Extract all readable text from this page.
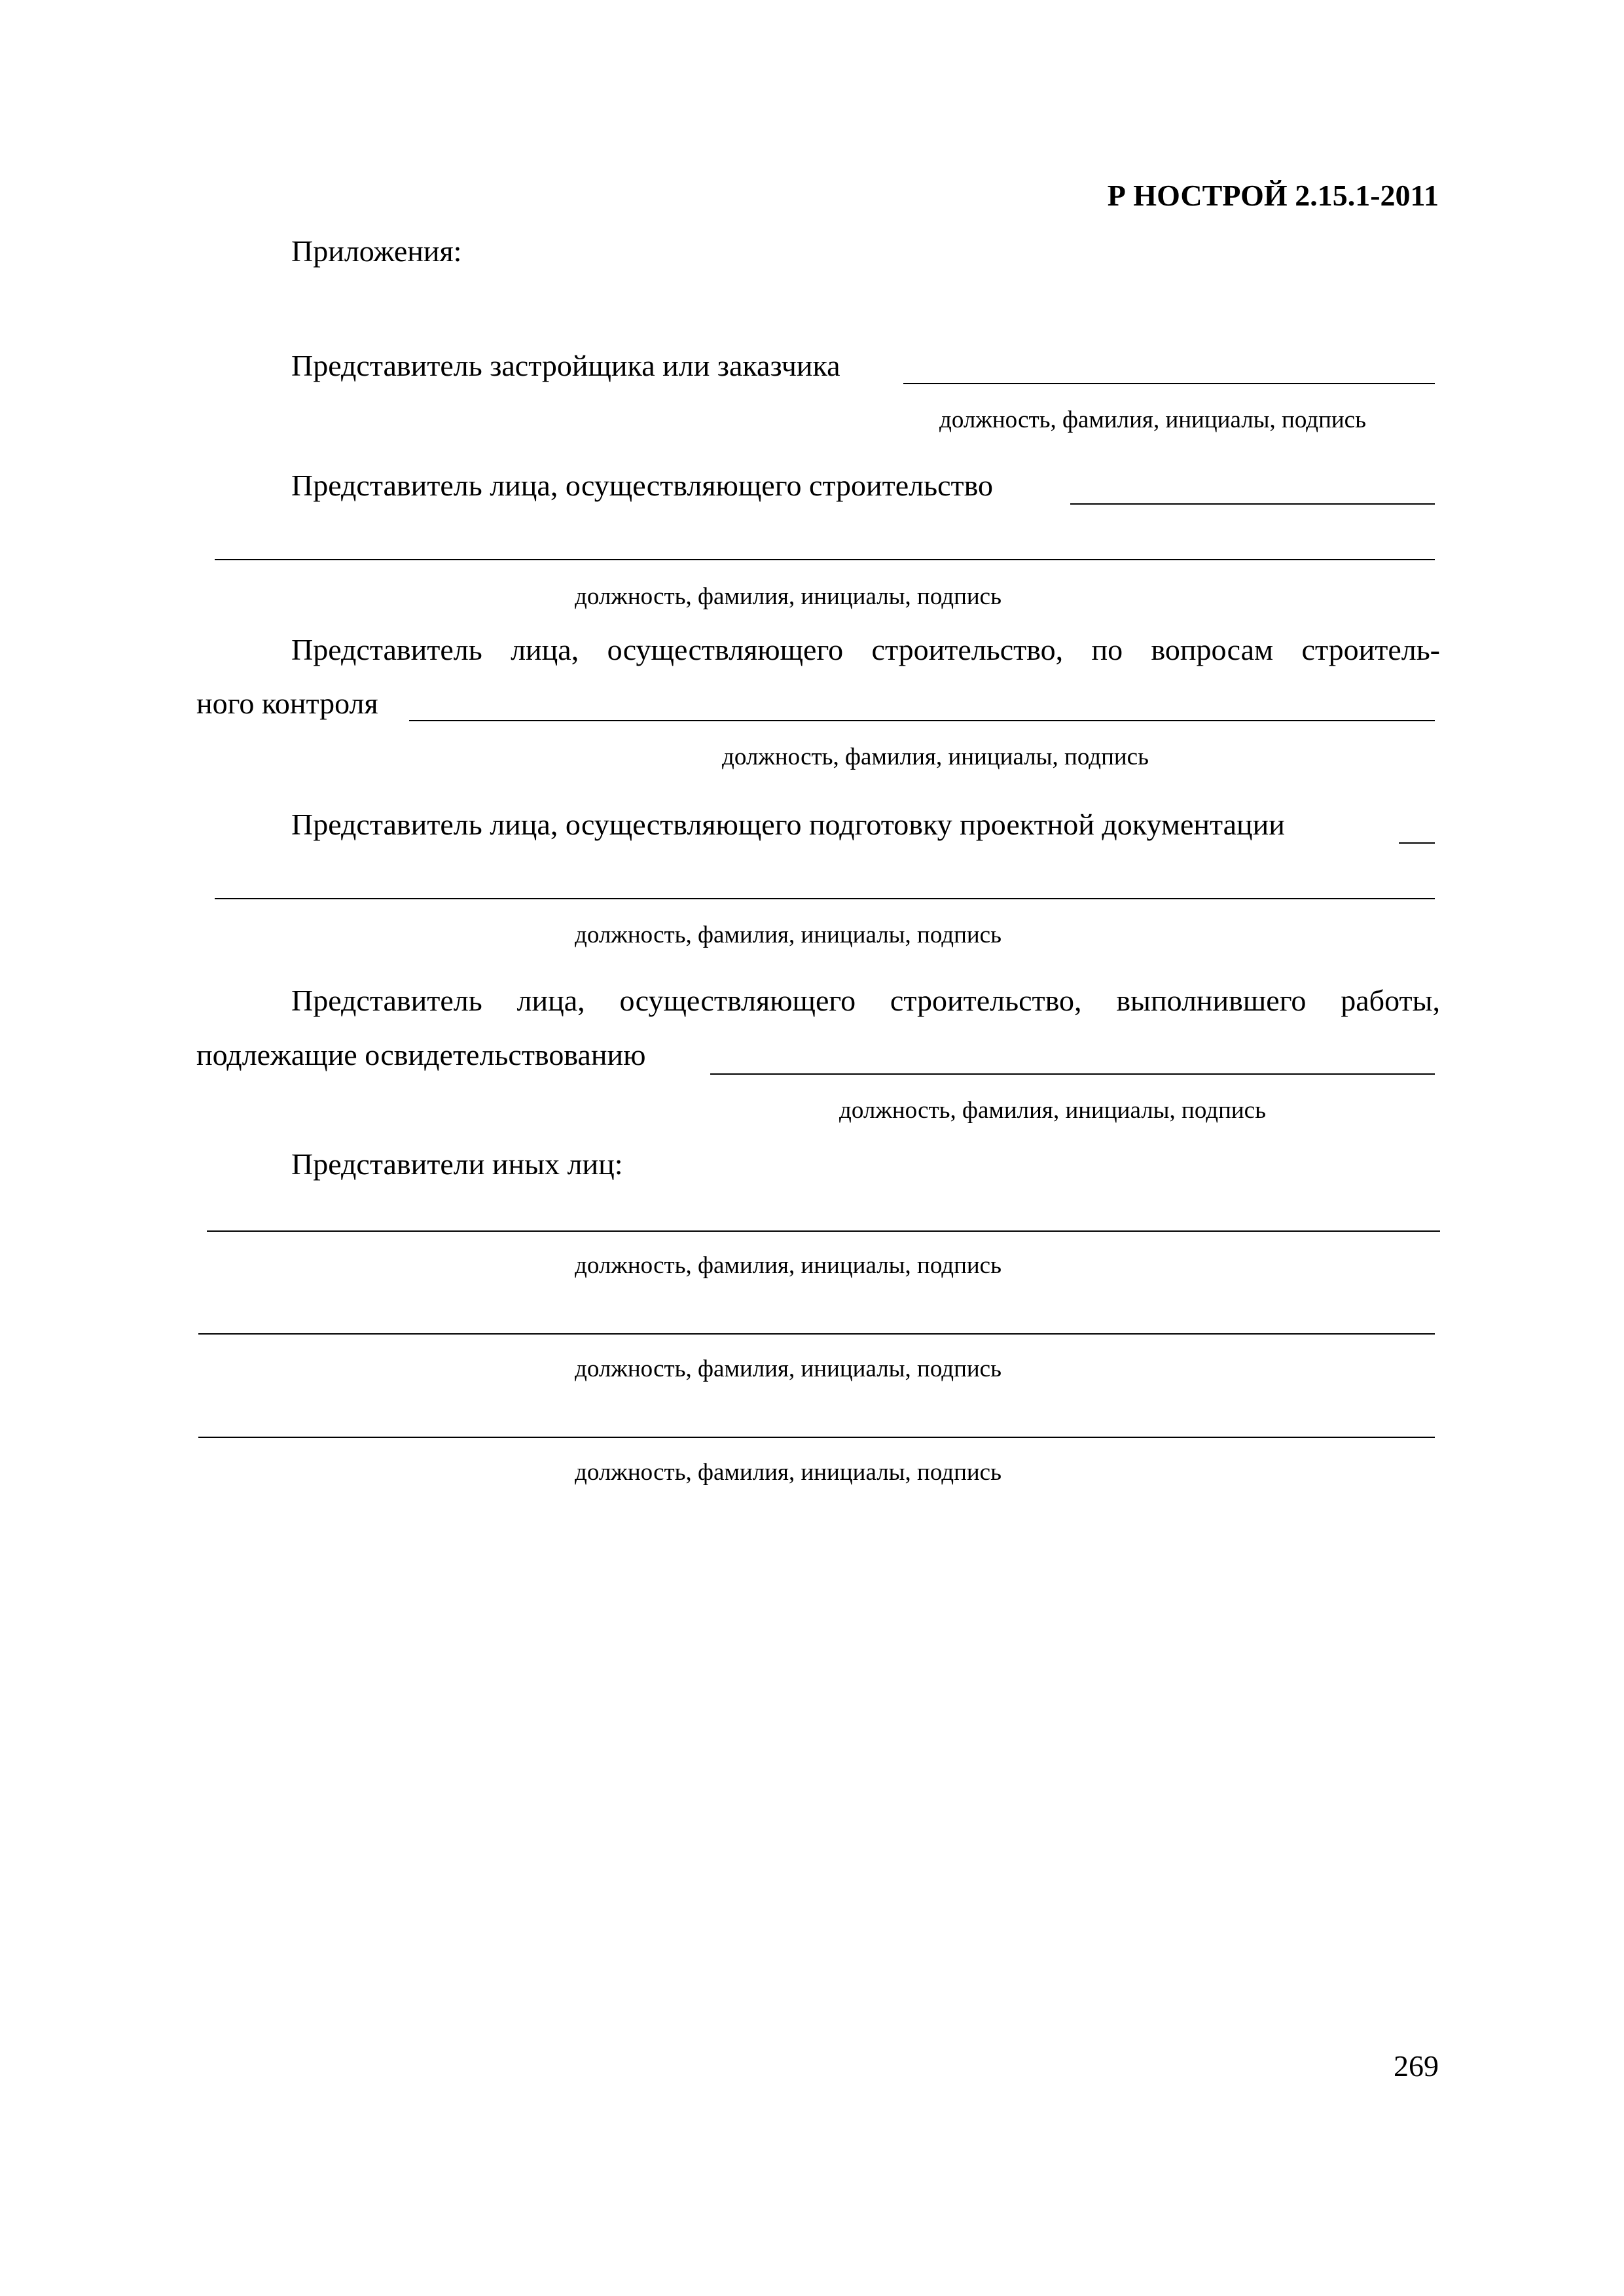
Р НОСТРОЙ 2.15.1-2011
Приложения:
Представитель застройщика или заказчика
должность, фамилия, инициалы, подпись
Представитель лица, осуществляющего строительство
должность, фамилия, инициалы, подпись
Представитель лица, осуществляющего строительство, по вопросам строитель-
ного контроля
должность, фамилия, инициалы, подпись
Представитель лица, осуществляющего подготовку проектной документации
должность, фамилия, инициалы, подпись
Представитель лица, осуществляющего строительство, выполнившего работы,
подлежащие освидетельствованию
должность, фамилия, инициалы, подпись
Представители иных лиц:
должность, фамилия, инициалы, подпись
должность, фамилия, инициалы, подпись
должность, фамилия, инициалы, подпись
269
